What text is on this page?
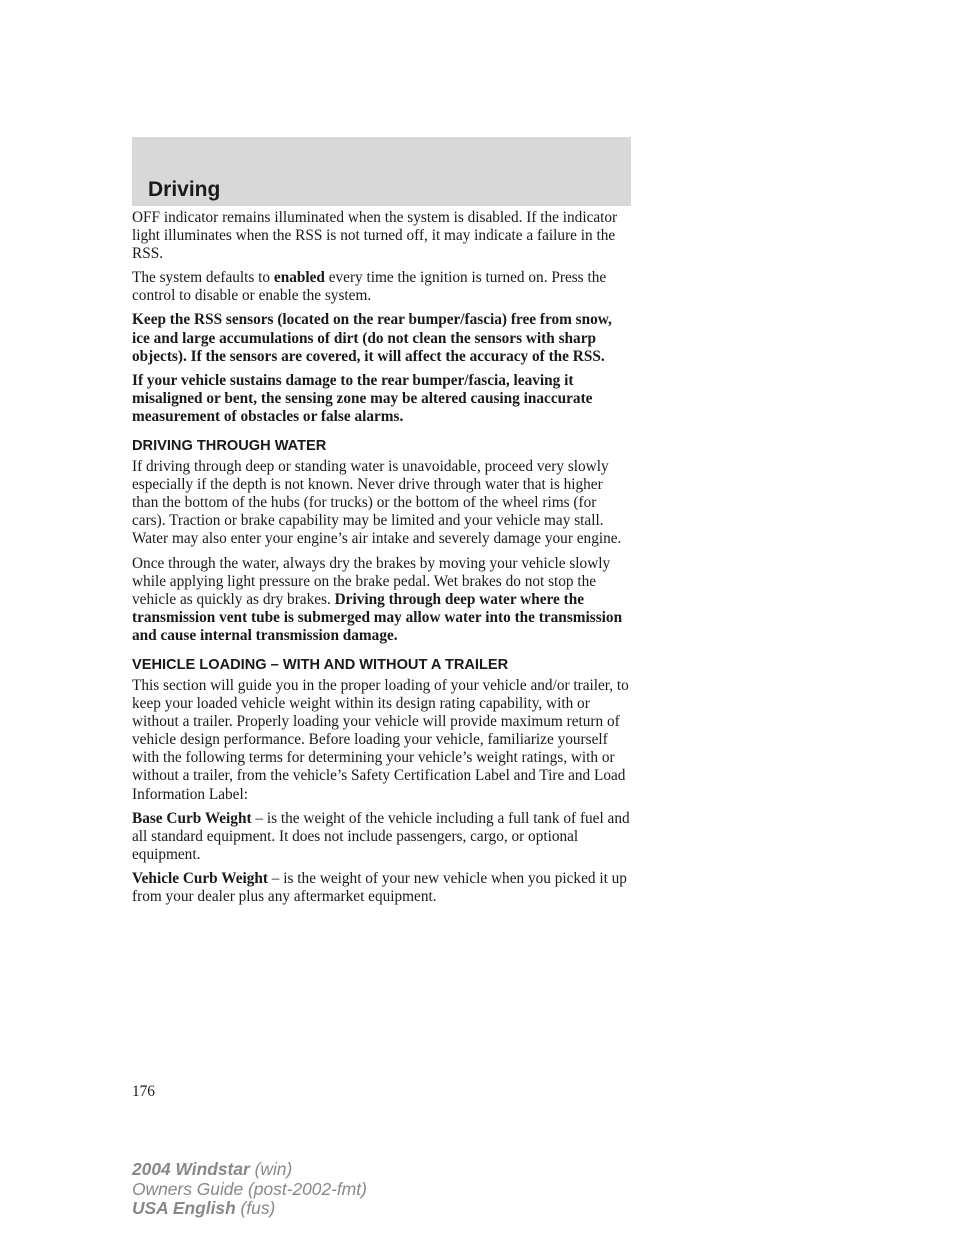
Driving

OFF indicator remains illuminated when the system is disabled. If the indicator light illuminates when the RSS is not turned off, it may indicate a failure in the RSS.

The system defaults to enabled every time the ignition is turned on. Press the control to disable or enable the system.

Keep the RSS sensors (located on the rear bumper/fascia) free from snow, ice and large accumulations of dirt (do not clean the sensors with sharp objects). If the sensors are covered, it will affect the accuracy of the RSS.

If your vehicle sustains damage to the rear bumper/fascia, leaving it misaligned or bent, the sensing zone may be altered causing inaccurate measurement of obstacles or false alarms.

DRIVING THROUGH WATER

If driving through deep or standing water is unavoidable, proceed very slowly especially if the depth is not known. Never drive through water that is higher than the bottom of the hubs (for trucks) or the bottom of the wheel rims (for cars). Traction or brake capability may be limited and your vehicle may stall. Water may also enter your engine’s air intake and severely damage your engine.

Once through the water, always dry the brakes by moving your vehicle slowly while applying light pressure on the brake pedal. Wet brakes do not stop the vehicle as quickly as dry brakes. Driving through deep water where the transmission vent tube is submerged may allow water into the transmission and cause internal transmission damage.

VEHICLE LOADING – WITH AND WITHOUT A TRAILER

This section will guide you in the proper loading of your vehicle and/or trailer, to keep your loaded vehicle weight within its design rating capability, with or without a trailer. Properly loading your vehicle will provide maximum return of vehicle design performance. Before loading your vehicle, familiarize yourself with the following terms for determining your vehicle’s weight ratings, with or without a trailer, from the vehicle’s Safety Certification Label and Tire and Load Information Label:

Base Curb Weight – is the weight of the vehicle including a full tank of fuel and all standard equipment. It does not include passengers, cargo, or optional equipment.

Vehicle Curb Weight – is the weight of your new vehicle when you picked it up from your dealer plus any aftermarket equipment.

176
2004 Windstar (win)
Owners Guide (post-2002-fmt)
USA English (fus)
